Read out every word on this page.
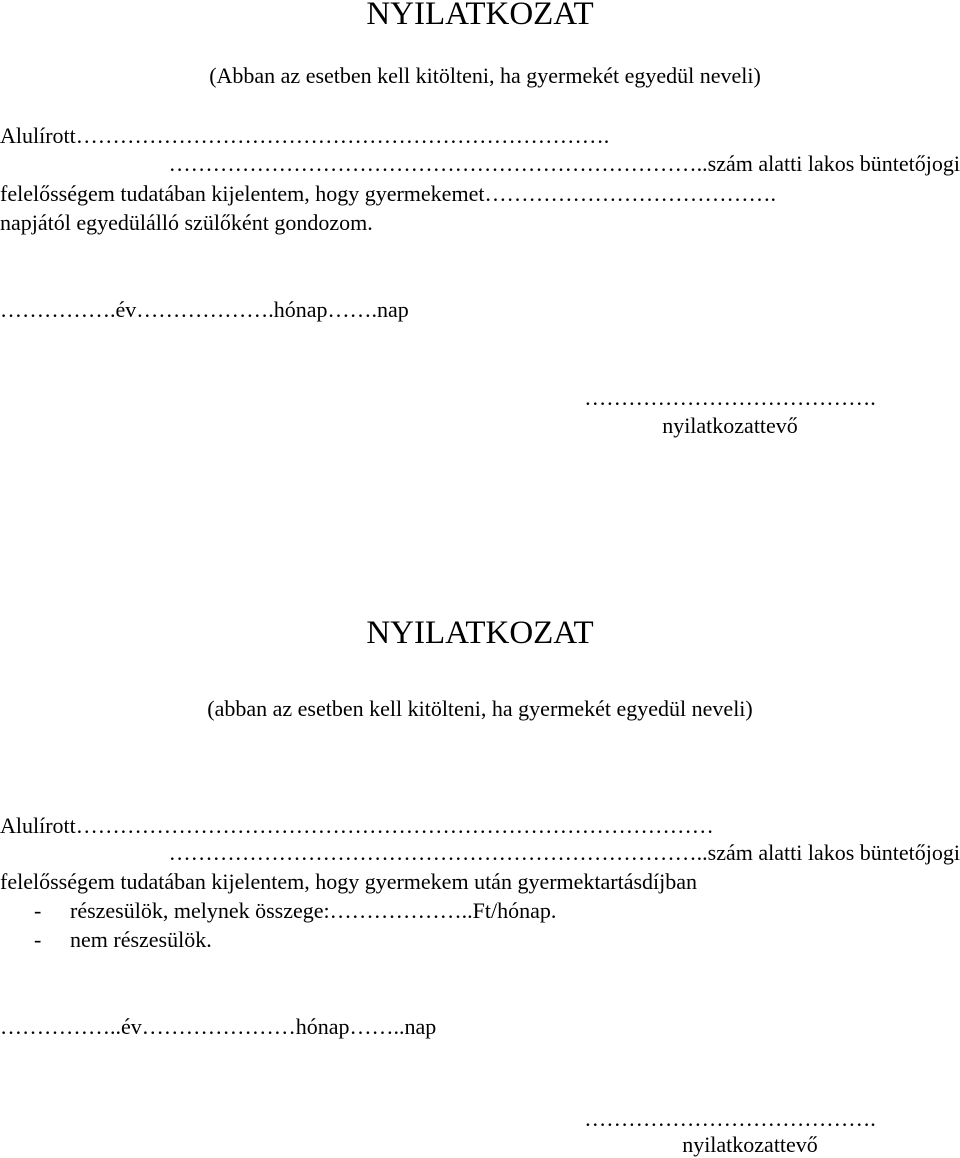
NYILATKOZAT
(Abban az esetben kell kitölteni, ha gyermekét egyedül neveli)
Alulírott……………………………………………………………….
………………………………………………………………..szám alatti lakos büntetőjogi
felelősségem tudatában kijelentem, hogy gyermekemet………………………………….
napjától egyedülálló szülőként gondozom.
…………….év……………….hónap…….nap
………………………………….
nyilatkozattevő
NYILATKOZAT
(abban az esetben kell kitölteni, ha gyermekét egyedül neveli)
Alulírott……………………………………………………………………………
………………………………………………………………..szám alatti lakos büntetőjogi
felelősségem tudatában kijelentem, hogy gyermekem után gyermektartásdíjban
- részesülök, melynek összege:………………..Ft/hónap.
- nem részesülök.
……………..év…………………hónap……..nap
………………………………….
nyilatkozattevő
